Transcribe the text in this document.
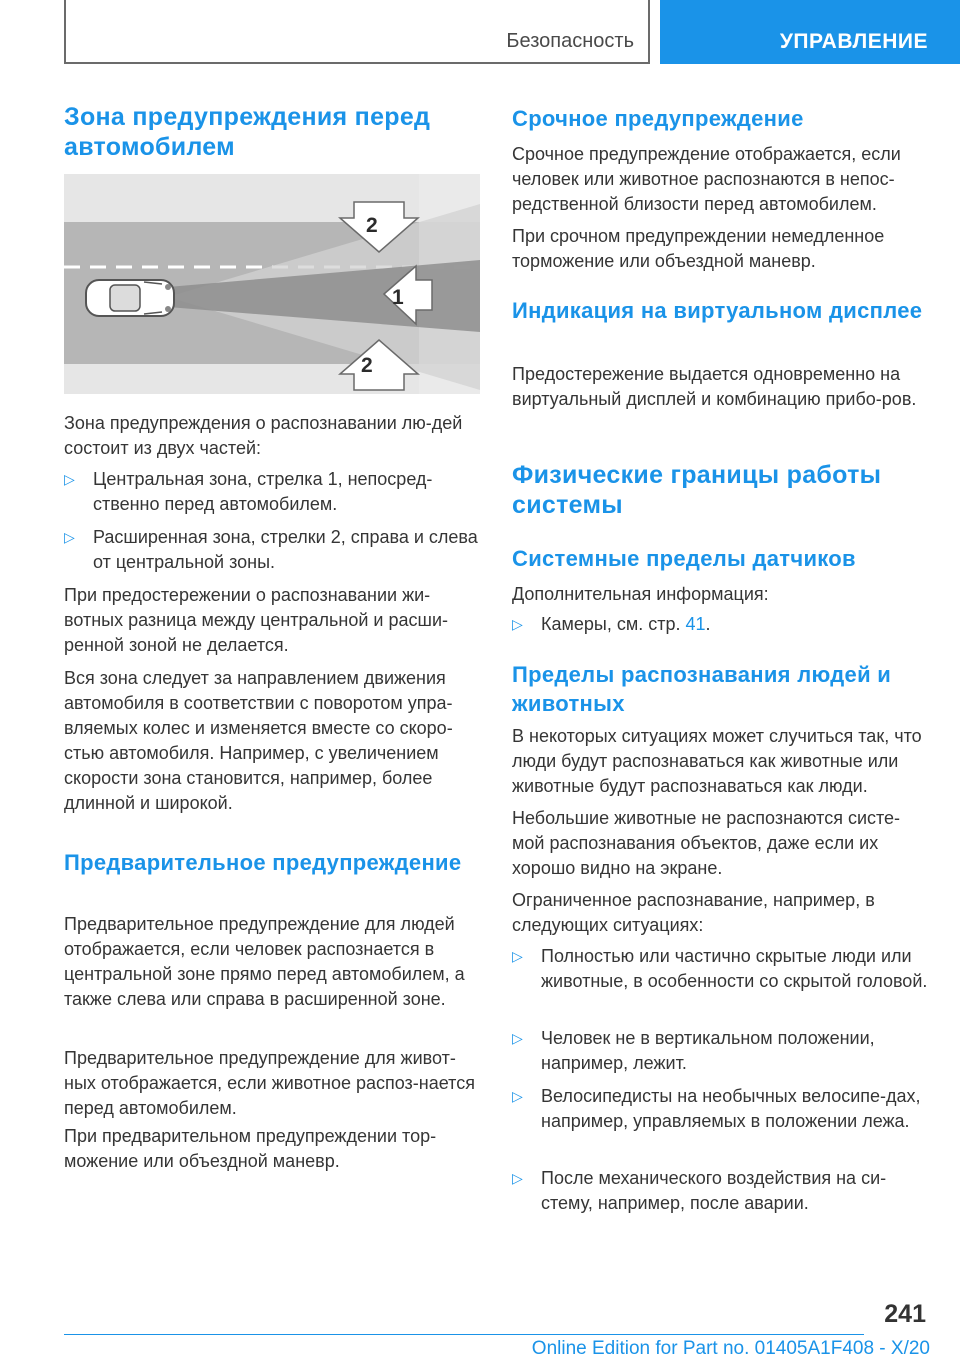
Безопасность	УПРАВЛЕНИЕ
Зона предупреждения перед автомобилем
2
1
2

Зона предупреждения о распознавании лю-дей состоит из двух частей:

▷ Центральная зона, стрелка 1, непосред-ственно перед автомобилем.
▷ Расширенная зона, стрелки 2, справа и слева от центральной зоны.

При предостережении о распознавании жи-вотных разница между центральной и расши-ренной зоной не делается.

Вся зона следует за направлением движения автомобиля в соответствии с поворотом упра-вляемых колес и изменяется вместе со скоро-стью автомобиля. Например, с увеличением скорости зона становится, например, более длинной и широкой.

Предварительное предупреждение

Предварительное предупреждение для людей отображается, если человек распознается в центральной зоне прямо перед автомобилем, а также слева или справа в расширенной зоне.

Предварительное предупреждение для живот-ных отображается, если животное распоз-нается перед автомобилем.

При предварительном предупреждении тор-можение или объездной маневр.

Срочное предупреждение

Срочное предупреждение отображается, если человек или животное распознаются в непос-редственной близости перед автомобилем.

При срочном предупреждении немедленное торможение или объездной маневр.

Индикация на виртуальном дисплее

Предостережение выдается одновременно на виртуальный дисплей и комбинацию прибо-ров.

Физические границы работы системы
Системные пределы датчиков

Дополнительная информация:

▷ Камеры, см. стр. 41.
Пределы распознавания людей и животных

В некоторых ситуациях может случиться так, что люди будут распознаваться как животные или животные будут распознаваться как люди.

Небольшие животные не распознаются систе-мой распознавания объектов, даже если их хорошо видно на экране.

Ограниченное распознавание, например, в следующих ситуациях:

▷ Полностью или частично скрытые люди или животные, в особенности со скрытой головой.
▷ Человек не в вертикальном положении, например, лежит.
▷ Велосипедисты на необычных велосипе-дах, например, управляемых в положении лежа.
▷ После механического воздействия на си-стему, например, после аварии.
241
Online Edition for Part no. 01405A1F408 - X/20
